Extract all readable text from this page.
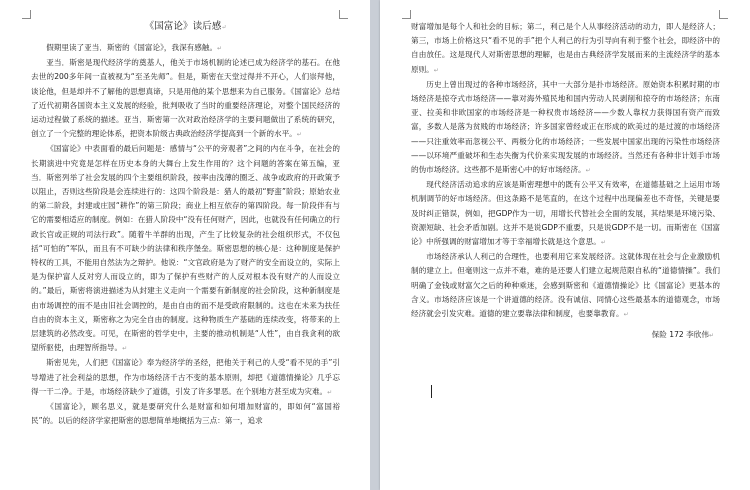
《国富论》读后感↵

假期里读了亚当．斯密的《国富论》，我深有感触。↵

亚当．斯密是现代经济学的奠基人，他关于市场机制的论述已成为经济学的基石。在他去世的200多年间一直被视为“至圣先师”。但是，斯密在天堂过得并不开心，人们崇拜他，谈论他，但是却并不了解他的思想真谛，只是用他的某个思想来为自己服务。《国富论》总结了近代初期各国资本主义发展的经验，批判吸收了当时的重要经济理论，对整个国民经济的运动过程做了系统的描述。亚当．斯密第一次对政治经济学的主要问题做出了系统的研究，创立了一个完整的理论体系，把资本阶级古典政治经济学提高到一个新的水平。↵

《国富论》中表面看的最后问题是：感情与“公平的旁观者”之间的内在斗争，在社会的长期演进中究竟是怎样在历史本身的大舞台上发生作用的？这个问题的答案在第五编，亚当．斯密列举了社会发展的四个主要组织阶段，按率由浅薄的圈乏、战争或政府的开政策予以阻止，否则这些阶段是会连续进行的：这四个阶段是：猎人的最初“野蛮”阶段；原始农业的第二阶段，封建或庄园“耕作”的第三阶段；商业上相互依存的第四阶段。每一阶段伴有与它的需要相适应的制度。例如：在猎人阶段中“没有任何财产，因此，也就没有任何确立的行政长官或正规的司法行政”。随着牛羊群的出现，产生了比较复杂的社会组织形式，不仅包括“可怕的”军队，而且有不可缺少的法律和秩序堡垒。斯密思想的核心是：这种制度是保护特权的工具，不能用自然法为之辩护。他说：“文官政府是为了财产的安全而设立的，实际上是为保护富人反对穷人而设立的，即为了保护有些财产的人反对根本没有财产的人而设立的。”最后，斯密将演进描述为从封建主义走向一个需要有新制度的社会阶段，这种新制度是由市场调控的而不是由旧社会调控的，是由自由的而不是受政府限制的。这也在未来为扶任自由的资本主义，斯密称之为完全自由的制度。这种物质生产基础的连续改变，将带来的上层建筑的必然改变。可见，在斯密的哲学史中，主要的推动机制是“人性”，由自我贪利的欲望所驱使，由理智所指导。↵

斯密见先，人们把《国富论》奉为经济学的圣经，把他关于利己的人受“看不见的手”引导增进了社会利益的思想，作为市场经济千古不变的基本原则，却把《道德情操论》几乎忘得一干二净。于是，市场经济缺少了道德，引发了许多罪恶。在个别地方甚至成为灾难。↵

《国富论》，顾名思义，就是要研究什么是财富和如何增加财富的，即如何“富国裕民”的。以后的经济学家把斯密的思想简单地概括为三点：第一，追求

财富增加是每个人和社会的目标；第二，利己是个人从事经济活动的动力，即人是经济人；第三，市场上价格这只“看不见的手”把个人利己的行为引导向有利于整个社会，即经济中的自由放任。这是现代人对斯密思想的理解，也是由古典经济学发展而来的主流经济学的基本原则。↵

历史上曾出现过的各种市场经济，其中一大部分是扑市场经济。原始资本积累时期的市场经济是掠夺式市场经济——靠对海外殖民地和国内劳动人民剥削和掠夺的市场经济；东南亚、拉美和非欧国家的市场经济是一种权贵市场经济——少数人靠权力获得国有资产而致富，多数人是落为贫贱的市场经济；许多国家曾经或正在形成的欧美过的是过渡的市场经济——只注重效率而忽视公平、两极分化的市场经济；一些发展中国家出现的污染性市场经济——以环境严重破坏和生态失衡为代价来实现发展的市场经济。当然还有各种非计划手市场的伪市场经济。这些都不是斯密心中的好市场经济。↵

现代经济活动追求的应该是斯密理想中的既有公平又有效率，在道德基础之上运用市场机制调节的好市场经济。但这条路不是笔直的，在这个过程中出现偏差也不奇怪，关键是要及时纠正错误，例如，把GDP作为一切，用增长代替社会全面的发展，其结果是环境污染、资源短缺、社会矛盾加剧。这并不是说GDP不重要，只是说GDP不是一切。而斯密在《国富论》中所强调的财富增加才等于幸福增长就是这个意思。↵

市场经济承认人利己的合理性，也要利用它来发展经济。这就体现在社会与企业激励机制的建立上。但毫则这一点并不难，难的是还要人们建立起规范限自私的“道德情操”。我们明确了金钱或财富欠之后的种种乘迷，会感到斯密和《道德情操论》比《国富论》更基本的含义。市场经济应该是一个讲道德的经济。没有诚信、同情心这些最基本的道德观念，市场经济就会引发灾难。道德的建立要靠法律和制度，也要靠教育。↵

保险 172 李欣伟↵
